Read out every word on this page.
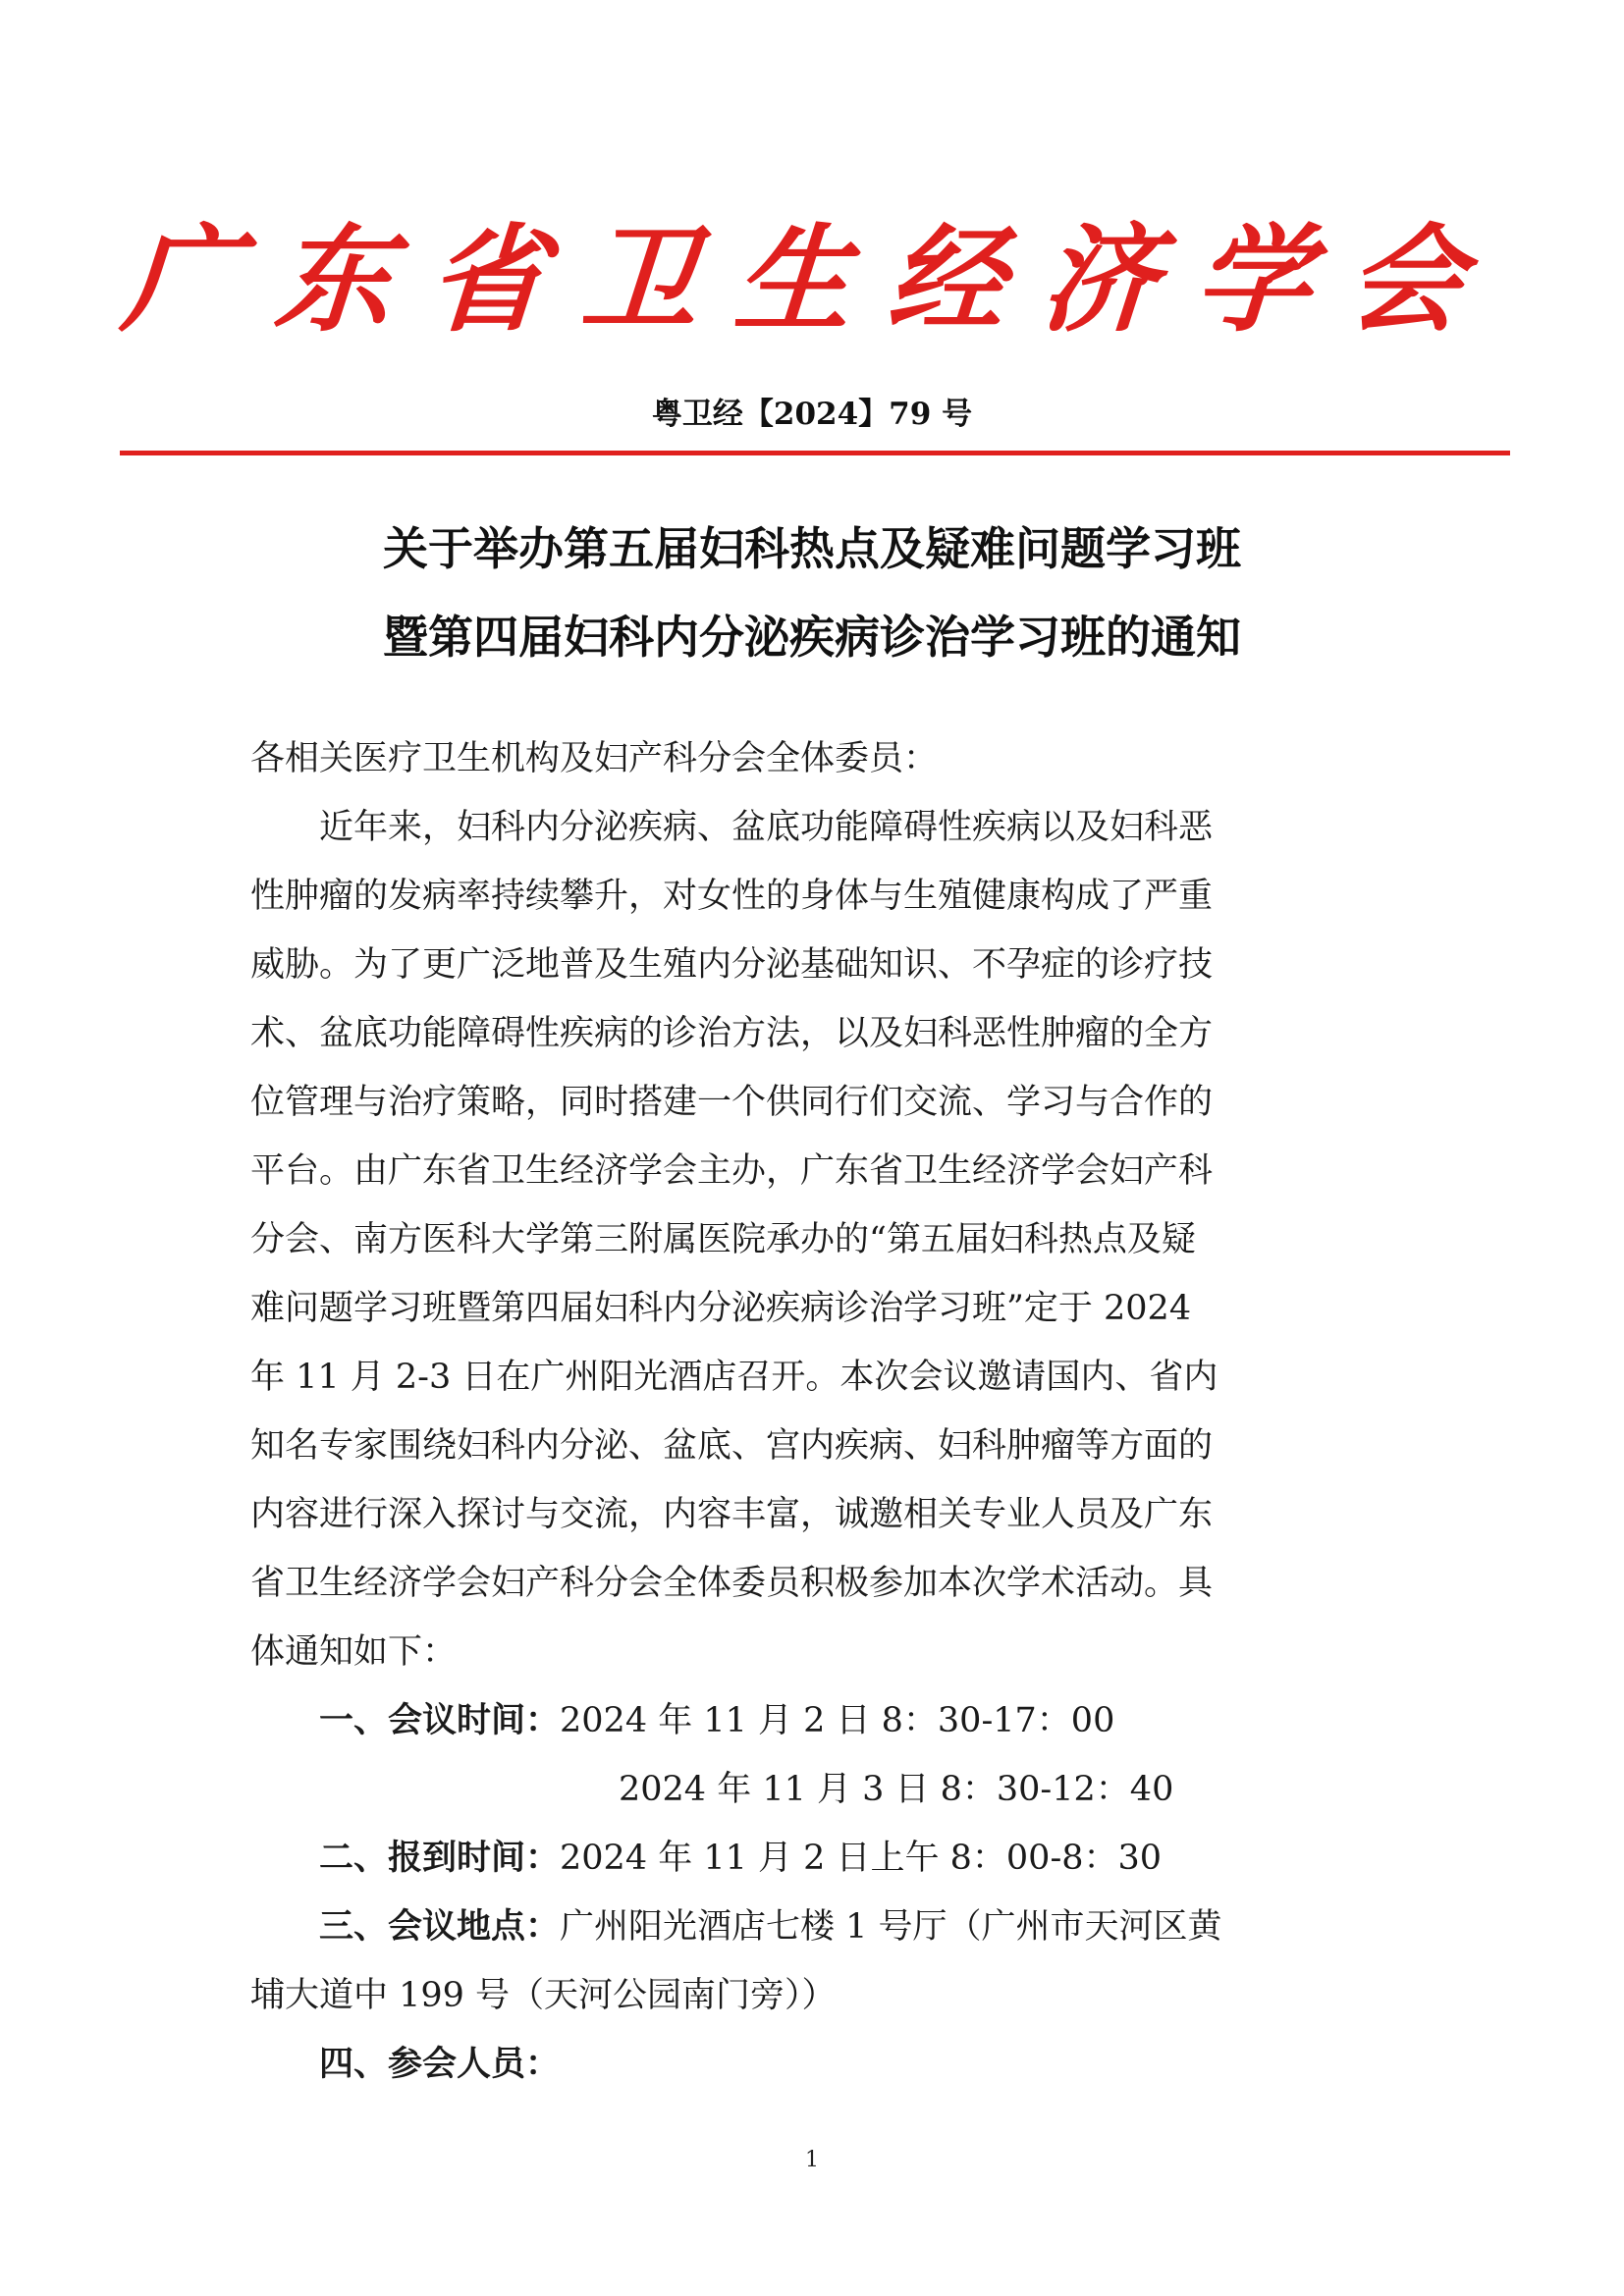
广东省卫生经济学会
粤卫经【2024】79 号
关于举办第五届妇科热点及疑难问题学习班
暨第四届妇科内分泌疾病诊治学习班的通知
各相关医疗卫生机构及妇产科分会全体委员：
　　近年来，妇科内分泌疾病、盆底功能障碍性疾病以及妇科恶
性肿瘤的发病率持续攀升，对女性的身体与生殖健康构成了严重
威胁。为了更广泛地普及生殖内分泌基础知识、不孕症的诊疗技
术、盆底功能障碍性疾病的诊治方法，以及妇科恶性肿瘤的全方
位管理与治疗策略，同时搭建一个供同行们交流、学习与合作的
平台。由广东省卫生经济学会主办，广东省卫生经济学会妇产科
分会、南方医科大学第三附属医院承办的“第五届妇科热点及疑
难问题学习班暨第四届妇科内分泌疾病诊治学习班”定于 2024
年 11 月 2-3 日在广州阳光酒店召开。本次会议邀请国内、省内
知名专家围绕妇科内分泌、盆底、宫内疾病、妇科肿瘤等方面的
内容进行深入探讨与交流，内容丰富，诚邀相关专业人员及广东
省卫生经济学会妇产科分会全体委员积极参加本次学术活动。具
体通知如下：
　　一、会议时间：2024 年 11 月 2 日 8：30-17：00
2024 年 11 月 3 日 8：30-12：40
　　二、报到时间：2024 年 11 月 2 日上午 8：00-8：30
　　三、会议地点：广州阳光酒店七楼 1 号厅（广州市天河区黄
埔大道中 199 号（天河公园南门旁））
　　四、参会人员：
1
